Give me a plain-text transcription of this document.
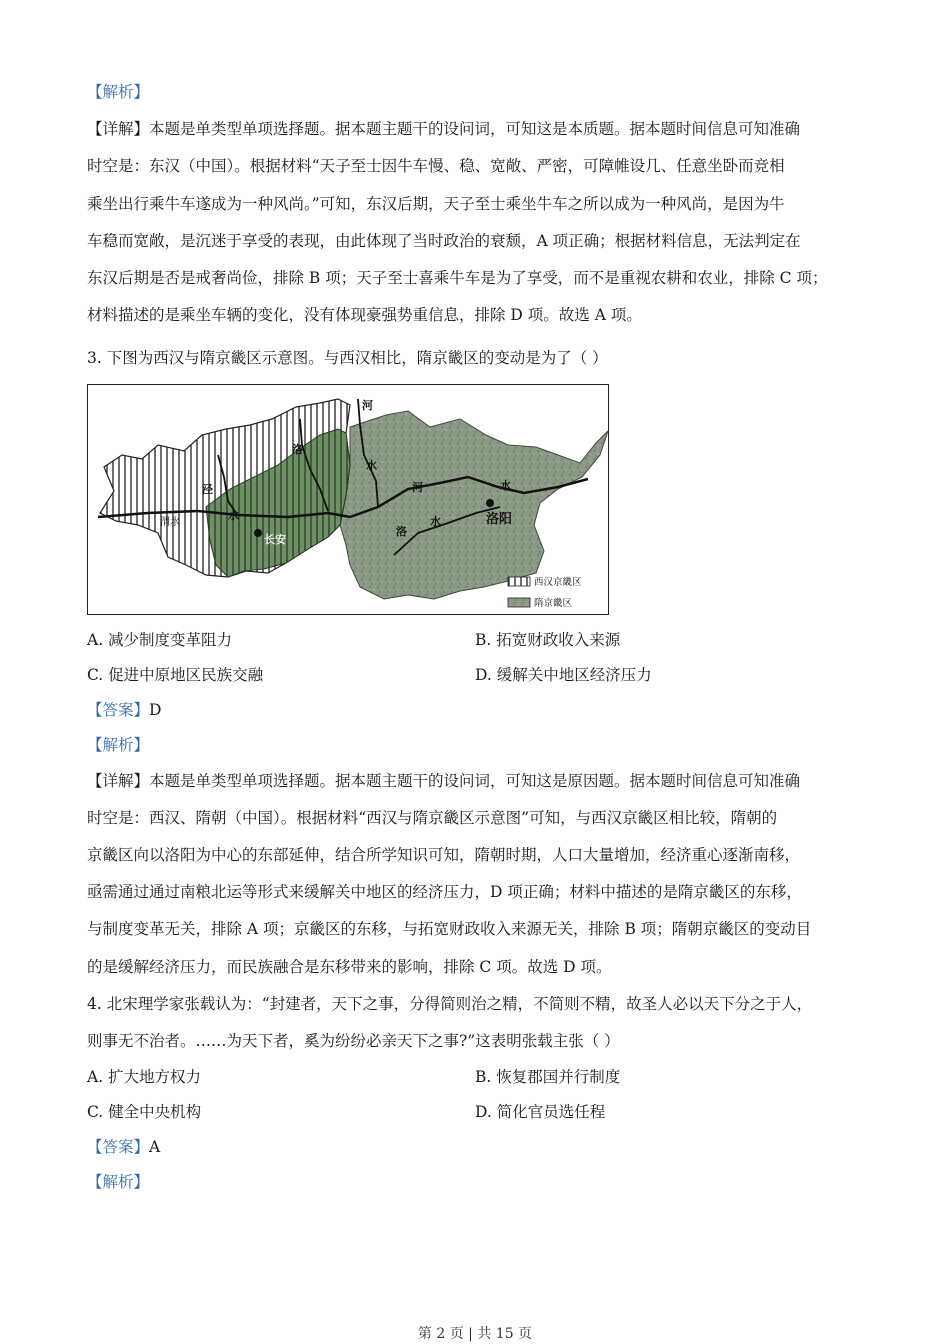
【解析】
【详解】本题是单类型单项选择题。据本题主题干的设问词，可知这是本质题。据本题时间信息可知准确
时空是：东汉（中国）。根据材料“天子至士因牛车慢、稳、宽敞、严密，可障帷设几、任意坐卧而竞相
乘坐出行乘牛车遂成为一种风尚。”可知，东汉后期，天子至士乘坐牛车之所以成为一种风尚，是因为牛
车稳而宽敞，是沉迷于享受的表现，由此体现了当时政治的衰颓，A 项正确；根据材料信息，无法判定在
东汉后期是否是戒奢尚俭，排除 B 项；天子至士喜乘牛车是为了享受，而不是重视农耕和农业，排除 C 项；
材料描述的是乘坐车辆的变化，没有体现豪强势重信息，排除 D 项。故选 A 项。
3. 下图为西汉与隋京畿区示意图。与西汉相比，隋京畿区的变动是为了（ ）
河
泾
洛
水
渭水
水
长安
河	水
洛
水	洛阳
西汉京畿区
隋京畿区
A. 减少制度变革阻力	B. 拓宽财政收入来源
C. 促进中原地区民族交融	D. 缓解关中地区经济压力
【答案】D
【解析】
【详解】本题是单类型单项选择题。据本题主题干的设问词，可知这是原因题。据本题时间信息可知准确
时空是：西汉、隋朝（中国）。根据材料“西汉与隋京畿区示意图”可知，与西汉京畿区相比较，隋朝的
京畿区向以洛阳为中心的东部延伸，结合所学知识可知，隋朝时期，人口大量增加，经济重心逐渐南移，
亟需通过通过南粮北运等形式来缓解关中地区的经济压力，D 项正确；材料中描述的是隋京畿区的东移，
与制度变革无关，排除 A 项；京畿区的东移，与拓宽财政收入来源无关，排除 B 项；隋朝京畿区的变动目
的是缓解经济压力，而民族融合是东移带来的影响，排除 C 项。故选 D 项。
4. 北宋理学家张载认为：“封建者，天下之事，分得简则治之精，不简则不精，故圣人必以天下分之于人，
则事无不治者。……为天下者，奚为纷纷必亲天下之事?”这表明张载主张（ ）
A. 扩大地方权力	B. 恢复郡国并行制度
C. 健全中央机构	D. 简化官员选任程
【答案】A
【解析】
第 2 页 | 共 15 页
